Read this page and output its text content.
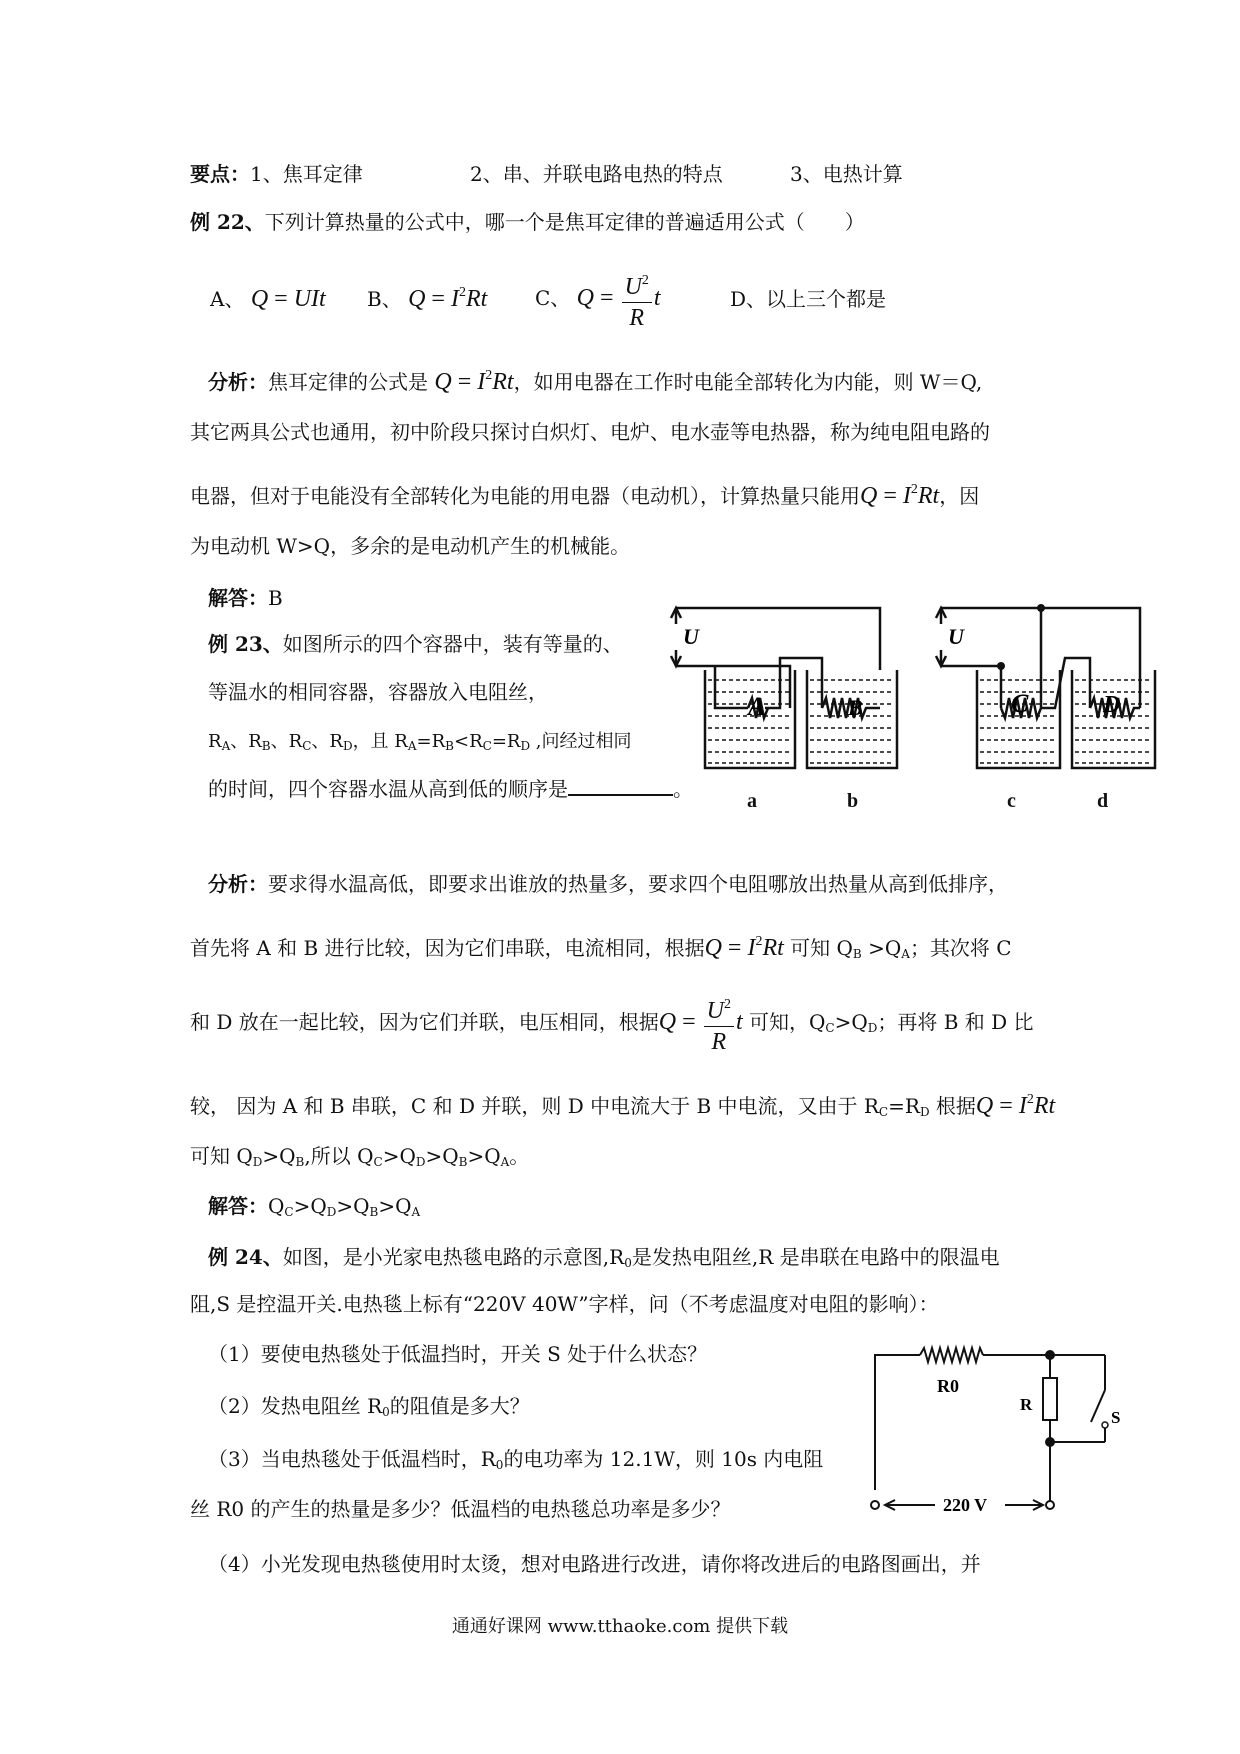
要点：1、焦耳定律	2、串、并联电路电热的特点	3、电热计算
例 22、下列计算热量的公式中，哪一个是焦耳定律的普遍适用公式（　　）
A、 Q = UIt B、 $Q = I^2Rt$ C、 $Q = \frac{U^2}{R}$ t	D、以上三个都是
分析：焦耳定律的公式是 $Q = I^2Rt$，如用电器在工作时电能全部转化为内能，则 W＝Q,
其它两具公式也通用，初中阶段只探讨白炽灯、电炉、电水壶等电热器，称为纯电阻电路的
电器，但对于电能没有全部转化为电能的用电器（电动机），计算热量只能用$Q = I^2Rt$，因
为电动机 W>Q，多余的是电动机产生的机械能。
解答：B
例 23、如图所示的四个容器中，装有等量的、
等温水的相同容器，容器放入电阻丝，
$R_A$、$R_B$、$R_C$、$R_D$，且 $R_A=R_B<R_C=R_D$ ,问经过相同
的时间，四个容器水温从高到低的顺序是	。
U
A	B
U
C	D
a	b	c	d
分析：要求得水温高低，即要求出谁放的热量多，要求四个电阻哪放出热量从高到低排序，
首先将 A 和 B 进行比较，因为它们串联，电流相同，根据$Q = I^2Rt$ 可知 $Q_B >Q_A$；其次将 C
和 D 放在一起比较，因为它们并联，电压相同，根据$Q = \frac{U^2}{R}$ t 可知，$Q_C>Q_D$；再将 B 和 D 比
较， 因为 A 和 B 串联，C 和 D 并联，则 D 中电流大于 B 中电流，又由于 $R_C=R_D$ 根据$Q = I^2Rt$
可知 $Q_D>Q_B$,所以 $Q_C>Q_D>Q_B>Q_A$。
解答：$Q_C>Q_D>Q_B>Q_A$
例 24、如图，是小光家电热毯电路的示意图$,R_0$是发热电阻丝,R 是串联在电路中的限温电
阻,S 是控温开关.电热毯上标有“220V 40W”字样，问（不考虑温度对电阻的影响）：
（1）要使电热毯处于低温挡时，开关 S 处于什么状态？
（2）发热电阻丝 $R_0$的阻值是多大？
（3）当电热毯处于低温档时，$R_0$的电功率为 12.1W，则 10s 内电阻
丝 R0 的产生的热量是多少？低温档的电热毯总功率是多少？
（4）小光发现电热毯使用时太烫，想对电路进行改进，请你将改进后的电路图画出，并
R0
R
S
220 V
通通好课网 www.tthaoke.com 提供下载
